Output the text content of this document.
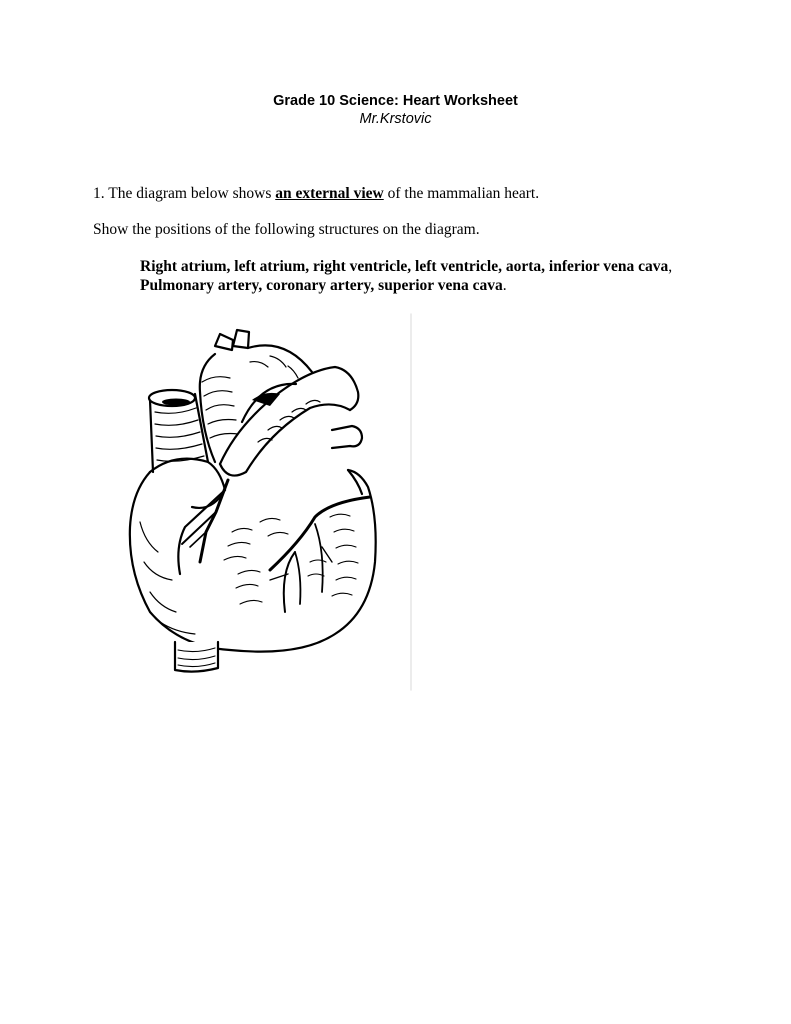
Grade 10 Science: Heart Worksheet
Mr.Krstovic
1. The diagram below shows an external view of the mammalian heart.
Show the positions of the following structures on the diagram.
Right atrium, left atrium, right ventricle, left ventricle, aorta, inferior vena cava,
Pulmonary artery, coronary artery, superior vena cava.
